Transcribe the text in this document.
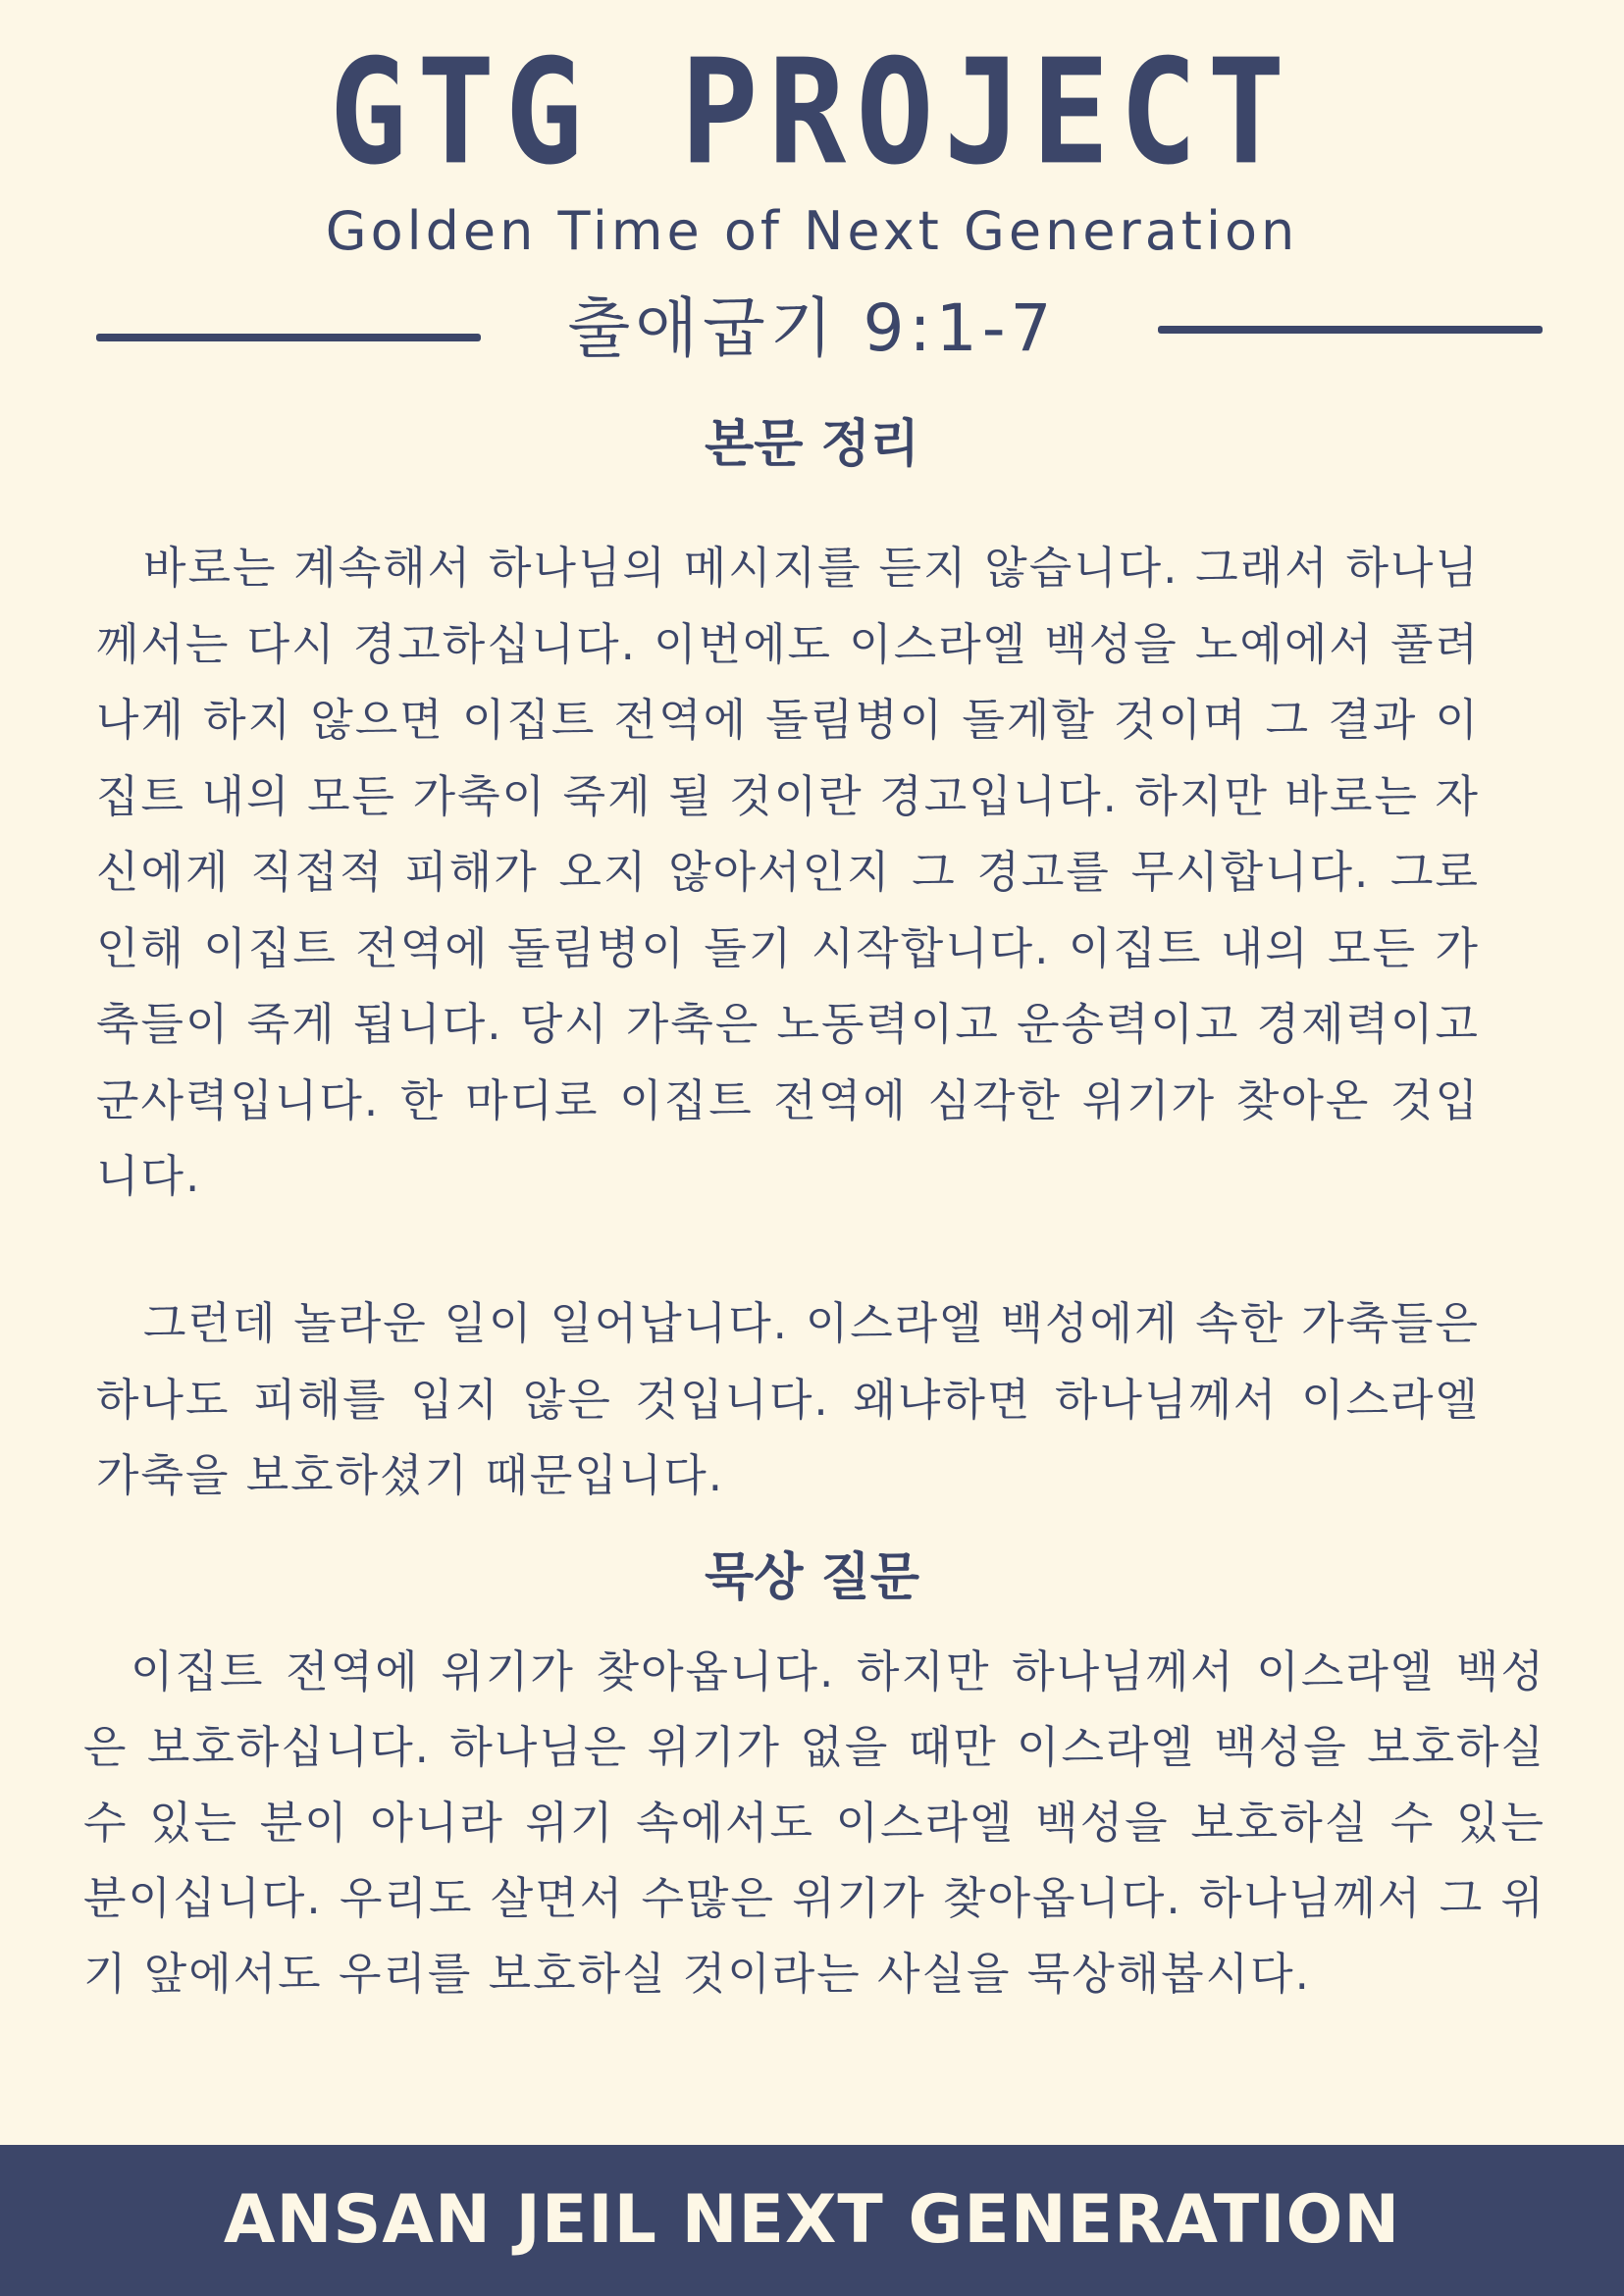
GTG PROJECT
Golden Time of Next Generation
출애굽기 9:1-7
본문 정리

바로는 계속해서 하나님의 메시지를 듣지 않습니다. 그래서 하나님께서는 다시 경고하십니다. 이번에도 이스라엘 백성을 노예에서 풀려나게 하지 않으면 이집트 전역에 돌림병이 돌게할 것이며 그 결과 이집트 내의 모든 가축이 죽게 될 것이란 경고입니다. 하지만 바로는 자신에게 직접적 피해가 오지 않아서인지 그 경고를 무시합니다. 그로인해 이집트 전역에 돌림병이 돌기 시작합니다. 이집트 내의 모든 가축들이 죽게 됩니다. 당시 가축은 노동력이고 운송력이고 경제력이고 군사력입니다. 한 마디로 이집트 전역에 심각한 위기가 찾아온 것입니다.

그런데 놀라운 일이 일어납니다. 이스라엘 백성에게 속한 가축들은 하나도 피해를 입지 않은 것입니다. 왜냐하면 하나님께서 이스라엘 가축을 보호하셨기 때문입니다.

묵상 질문

이집트 전역에 위기가 찾아옵니다. 하지만 하나님께서 이스라엘 백성은 보호하십니다. 하나님은 위기가 없을 때만 이스라엘 백성을 보호하실 수 있는 분이 아니라 위기 속에서도 이스라엘 백성을 보호하실 수 있는 분이십니다. 우리도 살면서 수많은 위기가 찾아옵니다. 하나님께서 그 위기 앞에서도 우리를 보호하실 것이라는 사실을 묵상해봅시다.

ANSAN JEIL NEXT GENERATION
